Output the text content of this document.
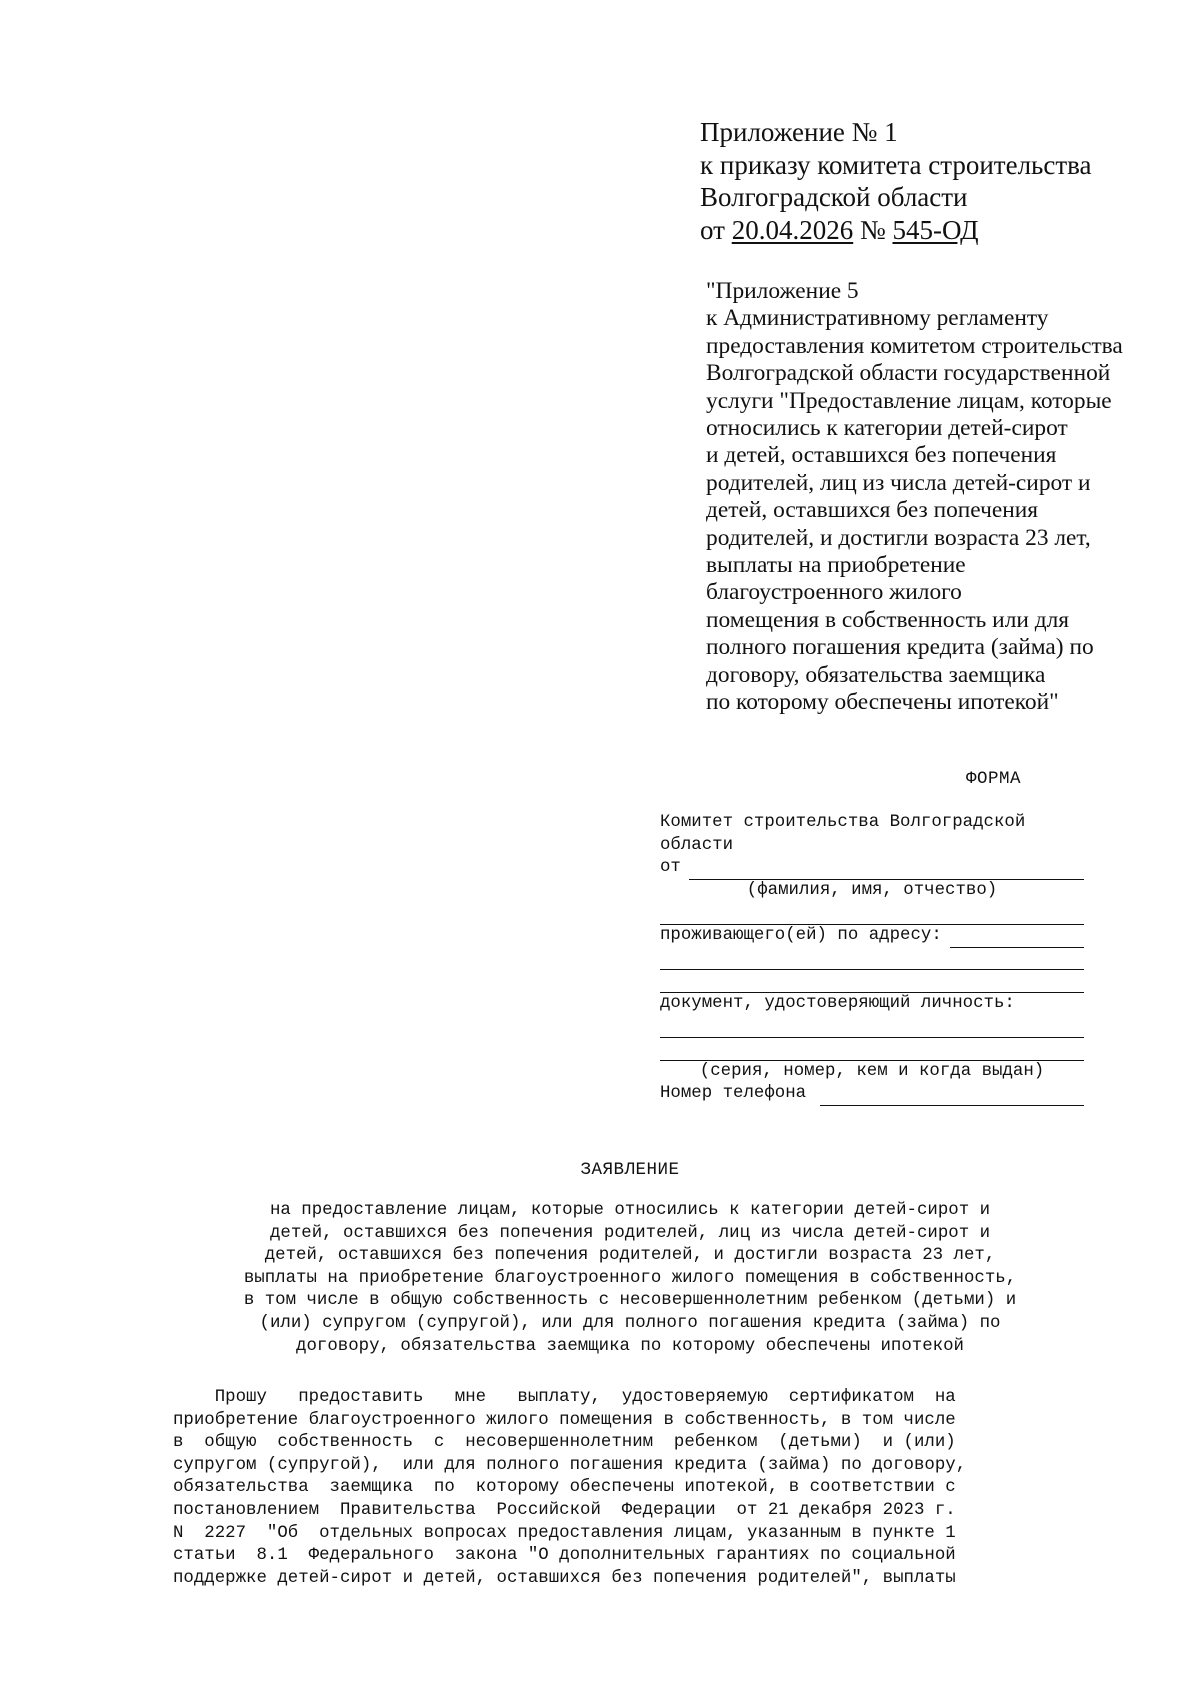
Приложение № 1
к приказу комитета строительства
Волгоградской области
от 20.04.2026 № 545-ОД
"Приложение 5
к Административному регламенту
предоставления комитетом строительства
Волгоградской области государственной
услуги "Предоставление лицам, которые
относились к категории детей-сирот
и детей, оставшихся без попечения
родителей, лиц из числа детей-сирот и
детей, оставшихся без попечения
родителей, и достигли возраста 23 лет,
выплаты на приобретение
благоустроенного жилого
помещения в собственность или для
полного погашения кредита (займа) по
договору, обязательства заемщика
по которому обеспечены ипотекой"
ФОРМА
Комитет строительства Волгоградской
области
от
(фамилия, имя, отчество)
проживающего(ей) по адресу:
документ, удостоверяющий личность:
(серия, номер, кем и когда выдан)
Номер телефона
ЗАЯВЛЕНИЕ
на предоставление лицам, которые относились к категории детей-сирот и
детей, оставшихся без попечения родителей, лиц из числа детей-сирот и
детей, оставшихся без попечения родителей, и достигли возраста 23 лет,
выплаты на приобретение благоустроенного жилого помещения в собственность,
в том числе в общую собственность с несовершеннолетним ребенком (детьми) и
(или) супругом (супругой), или для полного погашения кредита (займа) по
договору, обязательства заемщика по которому обеспечены ипотекой
Прошу   предоставить   мне   выплату,  удостоверяемую  сертификатом  на
приобретение благоустроенного жилого помещения в собственность, в том числе
в  общую  собственность  с  несовершеннолетним  ребенком  (детьми)  и (или)
супругом (супругой),  или для полного погашения кредита (займа) по договору,
обязательства  заемщика  по  которому обеспечены ипотекой, в соответствии с
постановлением  Правительства  Российской  Федерации  от 21 декабря 2023 г.
N  2227  "Об  отдельных вопросах предоставления лицам, указанным в пункте 1
статьи  8.1  Федерального  закона "О дополнительных гарантиях по социальной
поддержке детей-сирот и детей, оставшихся без попечения родителей", выплаты
